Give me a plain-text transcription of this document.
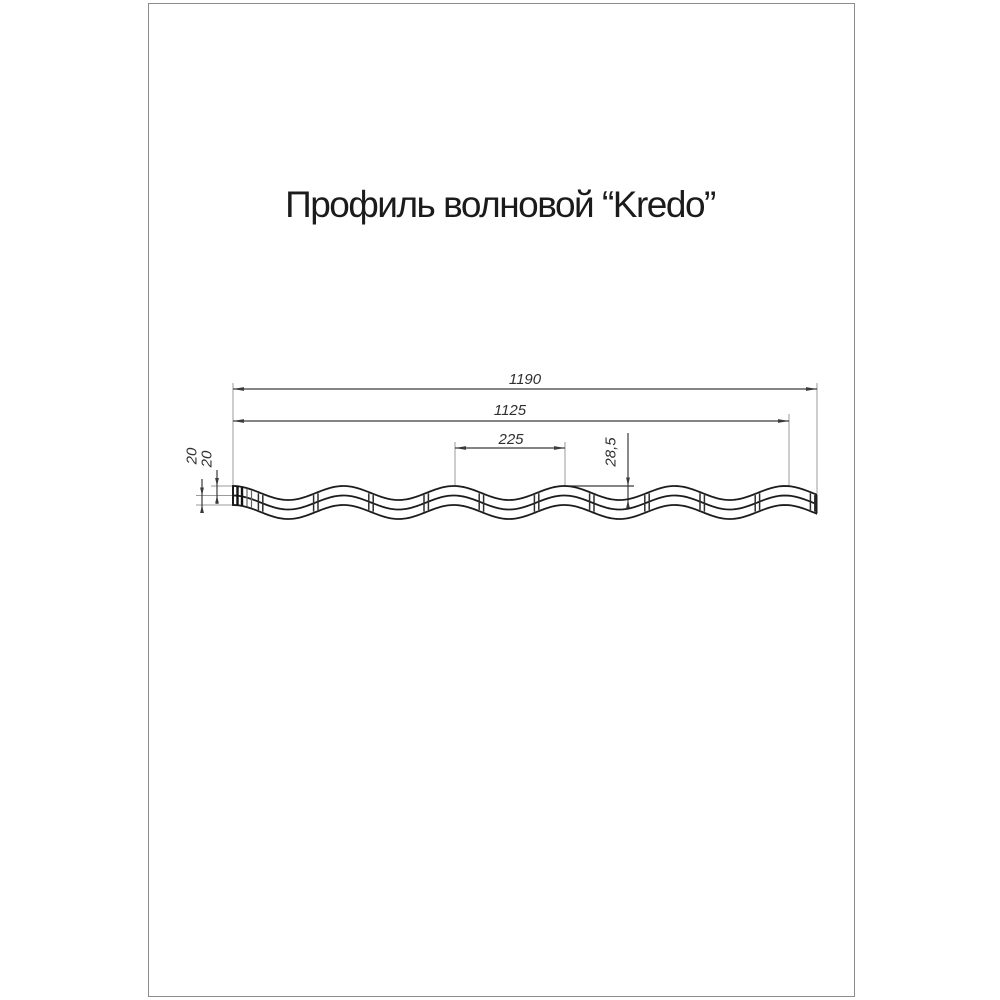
Профиль волновой “Kredo”
1190
1125
225	28,5
20
20
